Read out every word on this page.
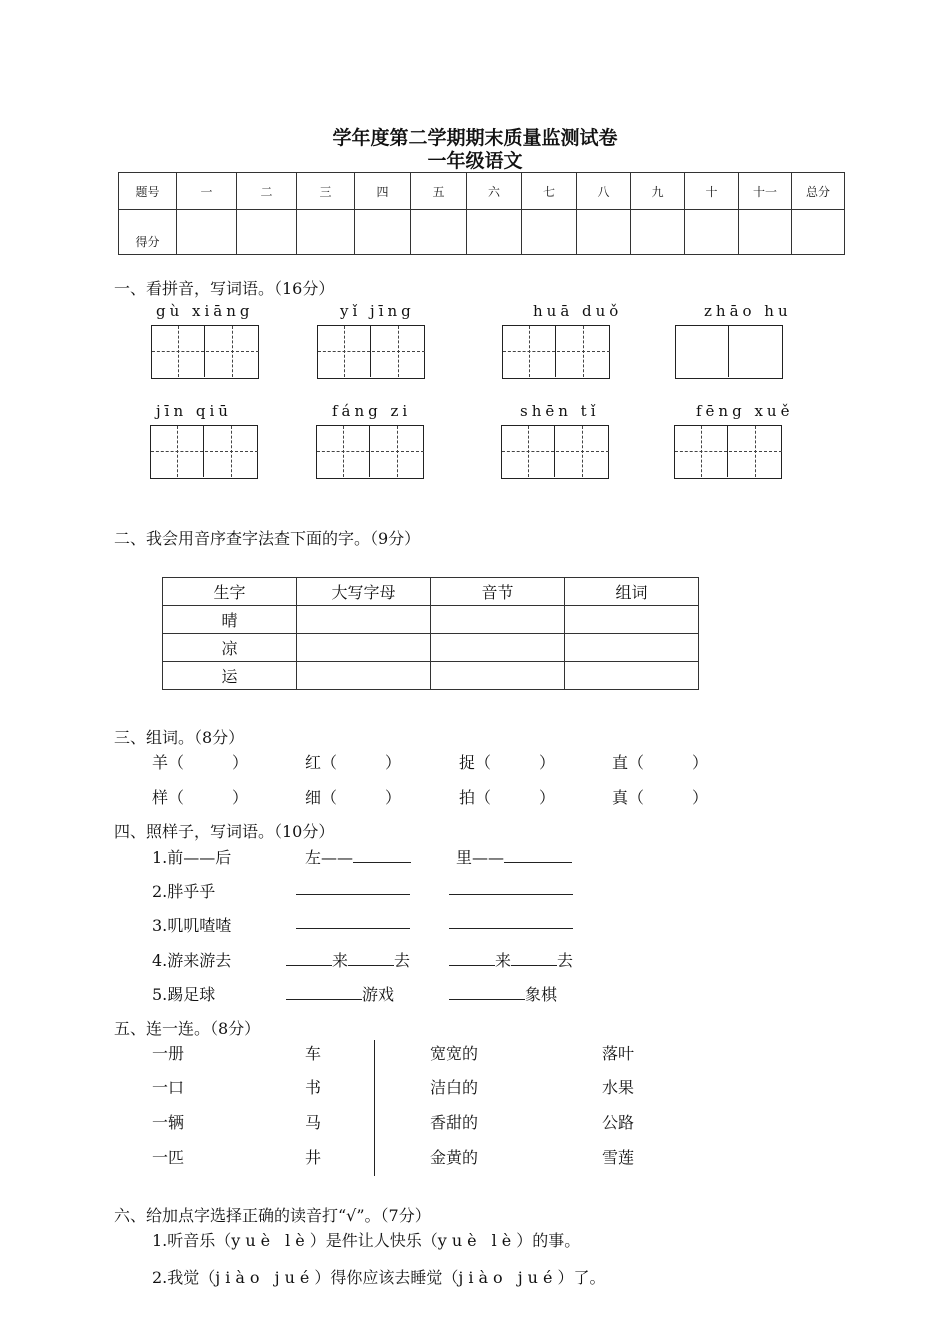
学年度第二学期期末质量监测试卷
一年级语文
题号	一	二	三	四	五	六	七	八	九	十	十一	总分
得分												
一、看拼音，写词语。（16分）
gù xiāng	yǐ jīng	huā duǒ	zhāo hu
jīn qiū	fáng zi	shēn tǐ	fēng xuě
二、我会用音序查字法查下面的字。（9分）
生字	大写字母	音节	组词
晴			
凉			
运			
三、组词。（8分）
羊（　　　）	红（　　　）	捉（　　　）	直（　　　）
样（　　　）	细（　　　）	拍（　　　）	真（　　　）
四、照样子，写词语。（10分）
1.前——后	左——	里——
2.胖乎乎
3.叽叽喳喳
4.游来游去	来	去	来	去
5.踢足球	游戏	象棋
五、连一连。（8分）
一册	车	宽宽的	落叶
一口	书	洁白的	水果
一辆	马	香甜的	公路
一匹	井	金黄的	雪莲
六、给加点字选择正确的读音打“√”。（7分）
1.听音乐（yuè lè）是件让人快乐（yuè lè）的事。
2.我觉（jiào jué）得你应该去睡觉（jiào jué）了。
